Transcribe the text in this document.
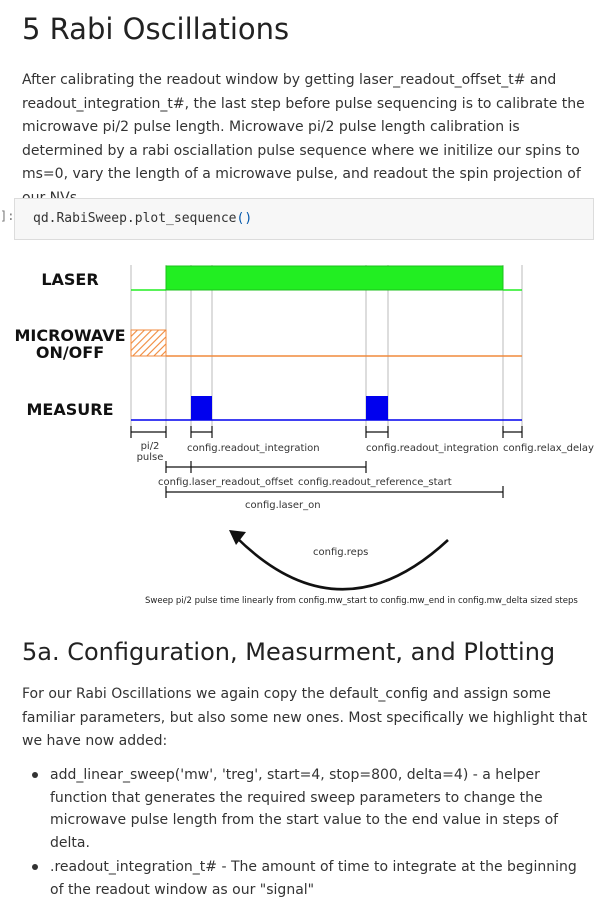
5 Rabi Oscillations

After calibrating the readout window by getting laser_readout_offset_t# and readout_integration_t#, the last step before pulse sequencing is to calibrate the microwave pi/2 pulse length. Microwave pi/2 pulse length calibration is determined by a rabi osciallation pulse sequence where we initilize our spins to ms=0, vary the length of a microwave pulse, and readout the spin projection of

]: qd.RabiSweep.plot_sequence()
LASER
MICROWAVE
ON/OFF
MEASURE
pi/2
pulse
config.readout_integration	config.readout_integration config.relax_delay
config.laser_readout_offset config.readout_reference_start
config.laser_on
config.reps
Sweep pi/2 pulse time linearly from config.mw_start to config.mw_end in config.mw_delta sized steps
5a. Configuration, Measurment, and Plotting

For our Rabi Oscillations we again copy the default_config and assign some familiar parameters, but also some new ones. Most specifically we highlight that we have now added:

add_linear_sweep('mw', 'treg', start=4, stop=800, delta=4) - a helper function that generates the required sweep parameters to change the microwave pulse length from the start value to the end value in steps of delta.
.readout_integration_t# - The amount of time to integrate at the beginning of the readout window as our "signal"
